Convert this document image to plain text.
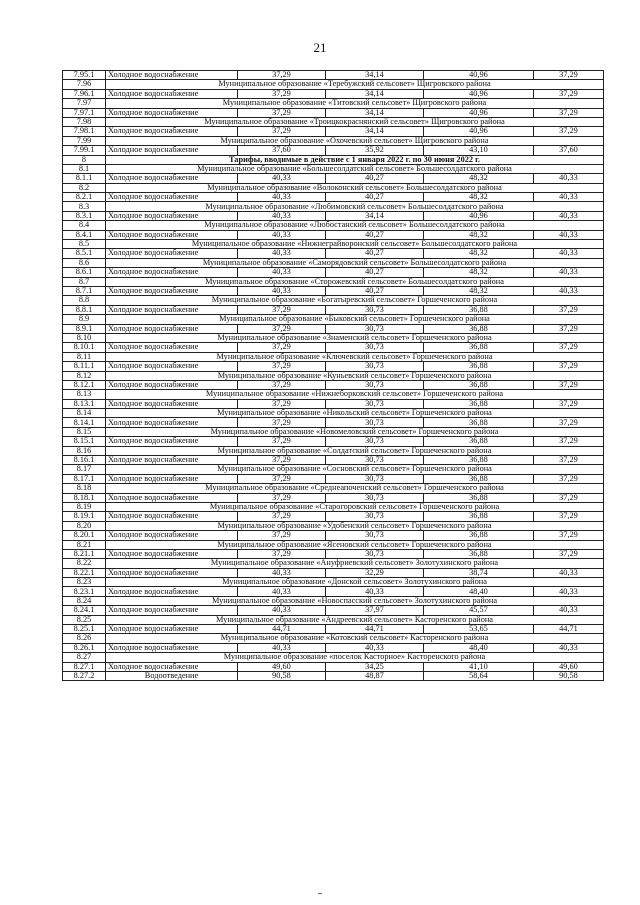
21
7.95.1	Холодное водоснабжение	37,29	34,14	40,96	37,29
7.96	Муниципальное образование «Теребужский сельсовет» Щигровского района				
7.96.1	Холодное водоснабжение	37,29	34,14	40,96	37,29
7.97	Муниципальное образование «Титовский сельсовет» Щигровского района				
7.97.1	Холодное водоснабжение	37,29	34,14	40,96	37,29
7.98	Муниципальное образование «Троицкокраснянский сельсовет» Щигровского района				
7.98.1	Холодное водоснабжение	37,29	34,14	40,96	37,29
7.99	Муниципальное образование «Охочевский сельсовет» Щигровского района				
7.99.1	Холодное водоснабжение	37,60	35,92	43,10	37,60
8	Тарифы, вводимые в действие с 1 января 2022 г. по 30 июня 2022 г.				
8.1	Муниципальное образование «Большесолдатский сельсовет» Большесолдатского района				
8.1.1	Холодное водоснабжение	40,33	40,27	48,32	40,33
8.2	Муниципальное образование «Волоконский сельсовет» Большесолдатского района				
8.2.1	Холодное водоснабжение	40,33	40,27	48,32	40,33
8.3	Муниципальное образование «Любимовский сельсовет» Большесолдатского района				
8.3.1	Холодное водоснабжение	40,33	34,14	40,96	40,33
8.4	Муниципальное образование «Любостанский сельсовет» Большесолдатского района				
8.4.1	Холодное водоснабжение	40,33	40,27	48,32	40,33
8.5	Муниципальное образование «Нижнеграйворонский сельсовет» Большесолдатского района				
8.5.1	Холодное водоснабжение	40,33	40,27	48,32	40,33
8.6	Муниципальное образование «Саморядовский сельсовет» Большесолдатского района				
8.6.1	Холодное водоснабжение	40,33	40,27	48,32	40,33
8.7	Муниципальное образование «Сторожевский сельсовет» Большесолдатского района				
8.7.1	Холодное водоснабжение	40,33	40,27	48,32	40,33
8.8	Муниципальное образование «Богатыревский сельсовет» Горшеченского района				
8.8.1	Холодное водоснабжение	37,29	30,73	36,88	37,29
8.9	Муниципальное образование «Быковский сельсовет» Горшеченского района				
8.9.1	Холодное водоснабжение	37,29	30,73	36,88	37,29
8.10	Муниципальное образование «Знаменский сельсовет» Горшеченского района				
8.10.1	Холодное водоснабжение	37,29	30,73	36,88	37,29
8.11	Муниципальное образование «Ключевский сельсовет» Горшеченского района				
8.11.1	Холодное водоснабжение	37,29	30,73	36,88	37,29
8.12	Муниципальное образование «Куньевский сельсовет» Горшеченского района				
8.12.1	Холодное водоснабжение	37,29	30,73	36,88	37,29
8.13	Муниципальное образование «Нижнеборковский сельсовет» Горшеченского района				
8.13.1	Холодное водоснабжение	37,29	30,73	36,88	37,29
8.14	Муниципальное образование «Никольский сельсовет» Горшеченского района				
8.14.1	Холодное водоснабжение	37,29	30,73	36,88	37,29
8.15	Муниципальное образование «Новомеловский сельсовет» Горшеченского района				
8.15.1	Холодное водоснабжение	37,29	30,73	36,88	37,29
8.16	Муниципальное образование «Солдатский сельсовет» Горшеченского района				
8.16.1	Холодное водоснабжение	37,29	30,73	36,88	37,29
8.17	Муниципальное образование «Сосновский сельсовет» Горшеченского района				
8.17.1	Холодное водоснабжение	37,29	30,73	36,88	37,29
8.18	Муниципальное образование «Среднеапоченский сельсовет» Горшеченского района				
8.18.1	Холодное водоснабжение	37,29	30,73	36,88	37,29
8.19	Муниципальное образование «Старогоровский сельсовет» Горшеченского района				
8.19.1	Холодное водоснабжение	37,29	30,73	36,88	37,29
8.20	Муниципальное образование «Удобенский сельсовет» Горшеченского района				
8.20.1	Холодное водоснабжение	37,29	30,73	36,88	37,29
8.21	Муниципальное образование «Ясеновский сельсовет» Горшеченского района				
8.21.1	Холодное водоснабжение	37,29	30,73	36,88	37,29
8.22	Муниципальное образование «Ануфриевский сельсовет» Золотухинского района				
8.22.1	Холодное водоснабжение	40,33	32,29	38,74	40,33
8.23	Муниципальное образование «Донской сельсовет» Золотухинского района				
8.23.1	Холодное водоснабжение	40,33	40,33	48,40	40,33
8.24	Муниципальное образование «Новоспасский сельсовет» Золотухинского района				
8.24.1	Холодное водоснабжение	40,33	37,97	45,57	40,33
8.25	Муниципальное образование «Андреевский сельсовет» Касторенского района				
8.25.1	Холодное водоснабжение	44,71	44,71	53,65	44,71
8.26	Муниципальное образование «Котовский сельсовет» Касторенского района				
8.26.1	Холодное водоснабжение	40,33	40,33	48,40	40,33
8.27	Муниципальное образование «поселок Касторное» Касторенского района				
8.27.1	Холодное водоснабжение	49,60	34,25	41,10	49,60
8.27.2	Водоотведение	90,58	48,87	58,64	90,58
